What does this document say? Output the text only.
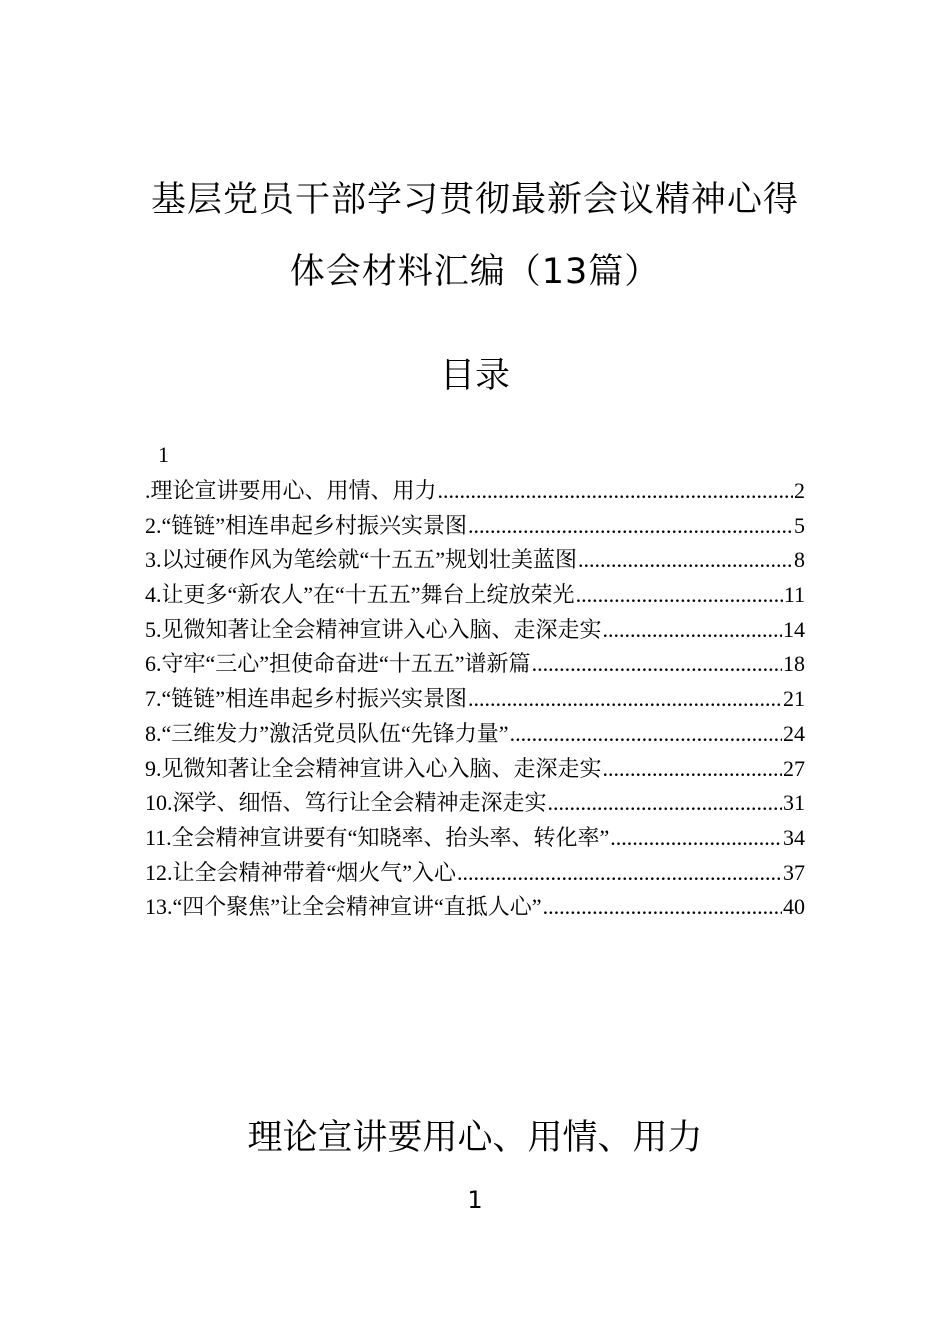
基层党员干部学习贯彻最新会议精神心得
体会材料汇编（13篇）
目录
1
.理论宣讲要用心、用情、用力 .....	2
2.“链链”相连串起乡村振兴实景图 .....	5
3.以过硬作风为笔绘就“十五五”规划壮美蓝图 .....	8
4.让更多“新农人”在“十五五”舞台上绽放荣光 .....	11
5.见微知著让全会精神宣讲入心入脑、走深走实 .....	14
6.守牢“三心”担使命奋进“十五五”谱新篇 .....	18
7.“链链”相连串起乡村振兴实景图 .....	21
8.“三维发力”激活党员队伍“先锋力量” .....	24
9.见微知著让全会精神宣讲入心入脑、走深走实 .....	27
10.深学、细悟、笃行让全会精神走深走实 .....	31
11.全会精神宣讲要有“知晓率、抬头率、转化率” .....	34
12.让全会精神带着“烟火气”入心 .....	37
13.“四个聚焦”让全会精神宣讲“直抵人心” .....	40
理论宣讲要用心、用情、用力
1
